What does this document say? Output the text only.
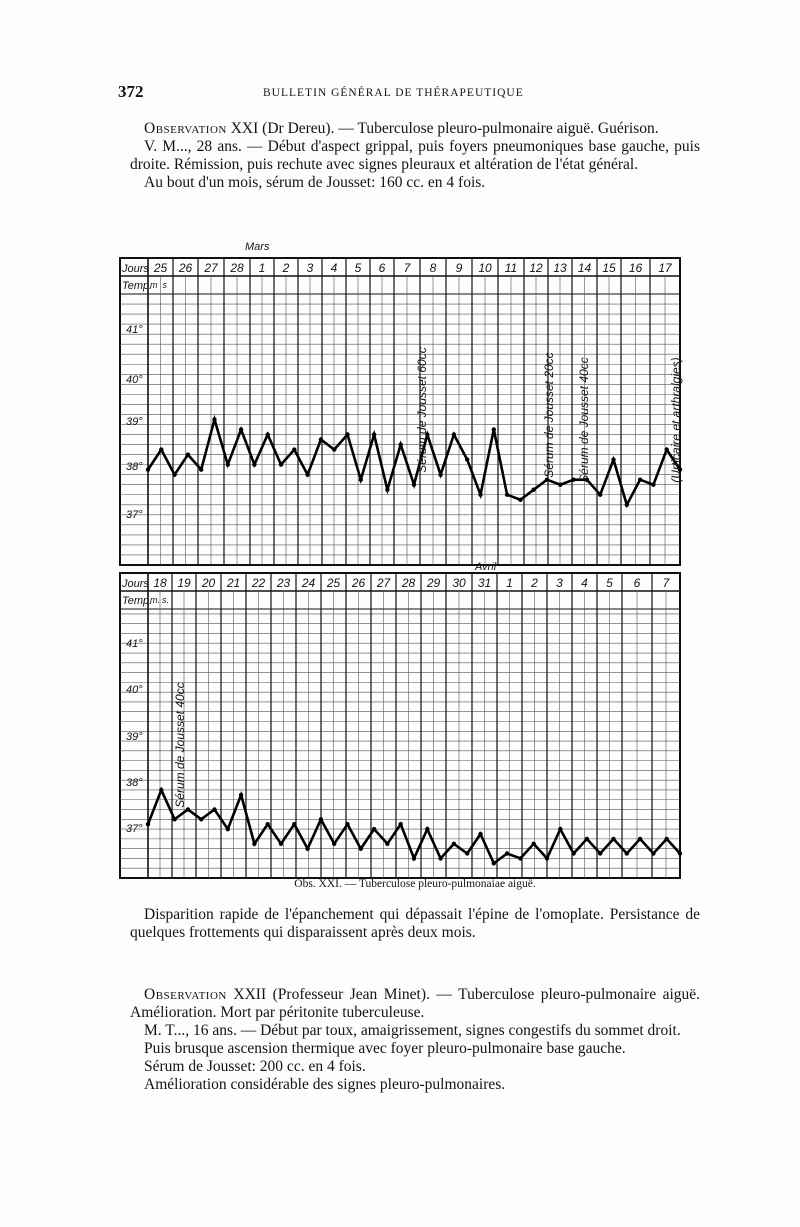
372	BULLETIN GÉNÉRAL DE THÉRAPEUTIQUE

Observation XXI (Dr Dereu). — Tuberculose pleuro-pulmonaire aiguë. Guérison.

V. M..., 28 ans. — Début d'aspect grippal, puis foyers pneumoniques base gauche, puis droite. Rémission, puis rechute avec signes pleuraux et altération de l'état général.

Au bout d'un mois, sérum de Jousset: 160 cc. en 4 fois.

Jours
Temp.
m s
Mars
25 26 27 28 1 2 3 4 5 6 7 8 9 10 11 12 13 14 15 16 17
41°
40°
39°
38°
37°
Sérum de Jousset 60cc	Sérum de Jousset 20cc Sérum de Jousset 40cc	(Urticaire et arthralgies)
Jours
Temp.
m. s.
Avril
18 19 20 21 22 23 24 25 26 27 28 29 30 31 1 2 3 4 5 6 7
41°
40°
39°
38°
37°
Sérum de Jousset 40cc
Obs. XXI. — Tuberculose pleuro-pulmonaiae aiguë.

Disparition rapide de l'épanchement qui dépassait l'épine de l'omoplate. Persistance de quelques frottements qui disparaissent après deux mois.

Observation XXII (Professeur Jean Minet). — Tuberculose pleuro-pulmonaire aiguë. Amélioration. Mort par péritonite tuberculeuse.

M. T..., 16 ans. — Début par toux, amaigrissement, signes congestifs du sommet droit.

Puis brusque ascension thermique avec foyer pleuro-pulmonaire base gauche.

Sérum de Jousset: 200 cc. en 4 fois.

Amélioration considérable des signes pleuro-pulmonaires.
